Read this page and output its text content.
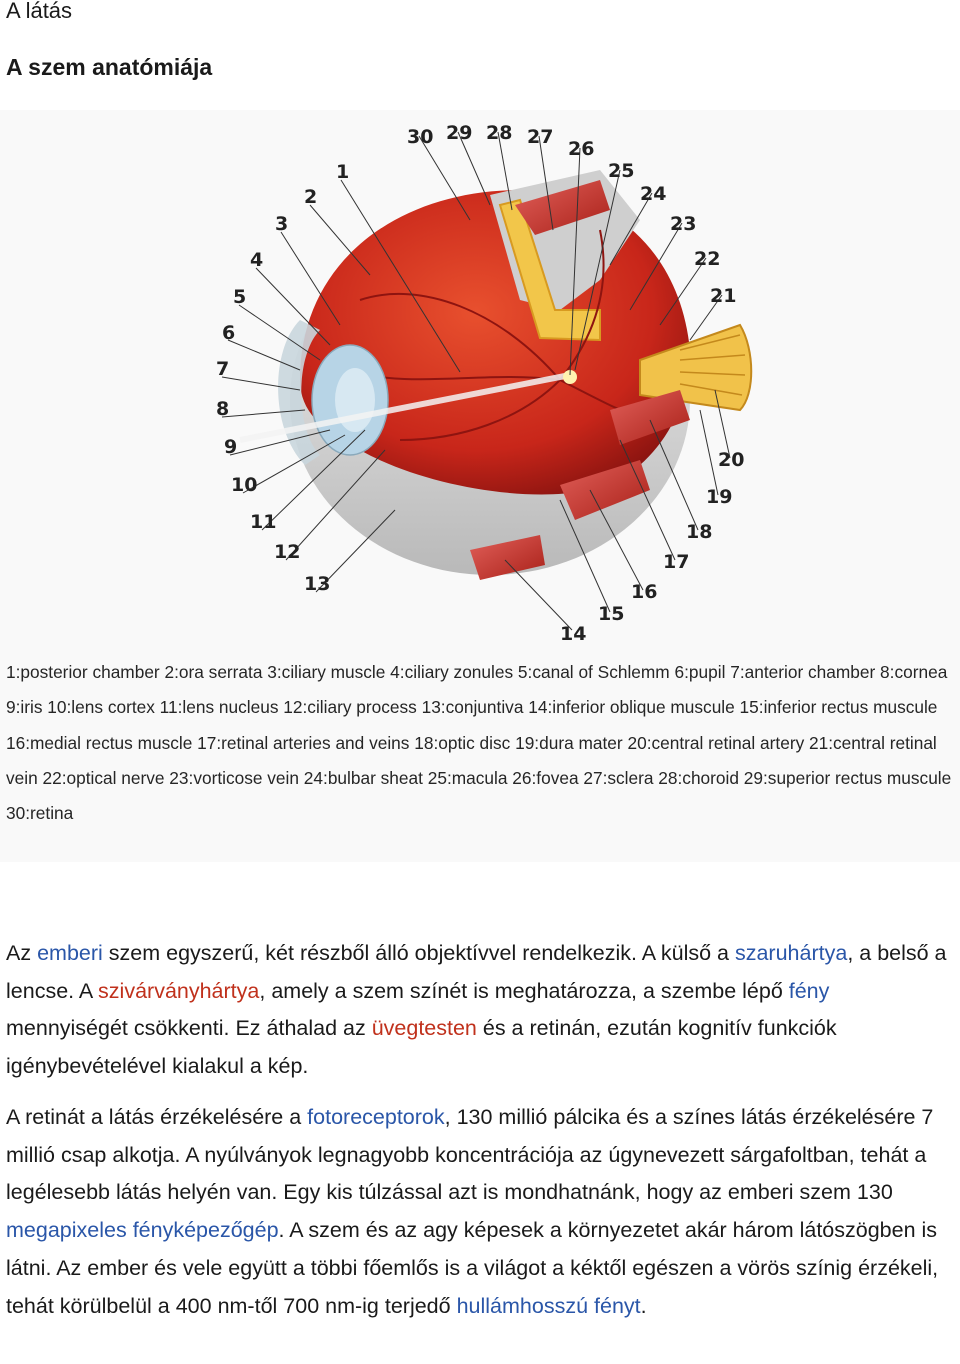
A látás
A szem anatómiája
1
2
3
4
5
6
7
8
9
10
11
12
13
14
15
16
17
18
19
20
21
22
23
24
25
26
27
28
29
30
1:posterior chamber 2:ora serrata 3:ciliary muscle 4:ciliary zonules 5:canal of Schlemm 6:pupil 7:anterior chamber 8:cornea 9:iris 10:lens cortex 11:lens nucleus 12:ciliary process 13:conjuntiva 14:inferior oblique muscule 15:inferior rectus muscule 16:medial rectus muscle 17:retinal arteries and veins 18:optic disc 19:dura mater 20:central retinal artery 21:central retinal vein 22:optical nerve 23:vorticose vein 24:bulbar sheat 25:macula 26:fovea 27:sclera 28:choroid 29:superior rectus muscule 30:retina

Az emberi szem egyszerű, két részből álló objektívvel rendelkezik. A külső a szaruhártya, a belső a lencse. A szivárványhártya, amely a szem színét is meghatározza, a szembe lépő fény mennyiségét csökkenti. Ez áthalad az üvegtesten és a retinán, ezután kognitív funkciók igénybevételével kialakul a kép.

A retinát a látás érzékelésére a fotoreceptorok, 130 millió pálcika és a színes látás érzékelésére 7 millió csap alkotja. A nyúlványok legnagyobb koncentrációja az úgynevezett sárgafoltban, tehát a legélesebb látás helyén van. Egy kis túlzással azt is mondhatnánk, hogy az emberi szem 130 megapixeles fényképezőgép. A szem és az agy képesek a környezetet akár három látószögben is látni. Az ember és vele együtt a többi főemlős is a világot a kéktől egészen a vörös színig érzékeli, tehát körülbelül a 400 nm-től 700 nm-ig terjedő hullámhosszú fényt.
